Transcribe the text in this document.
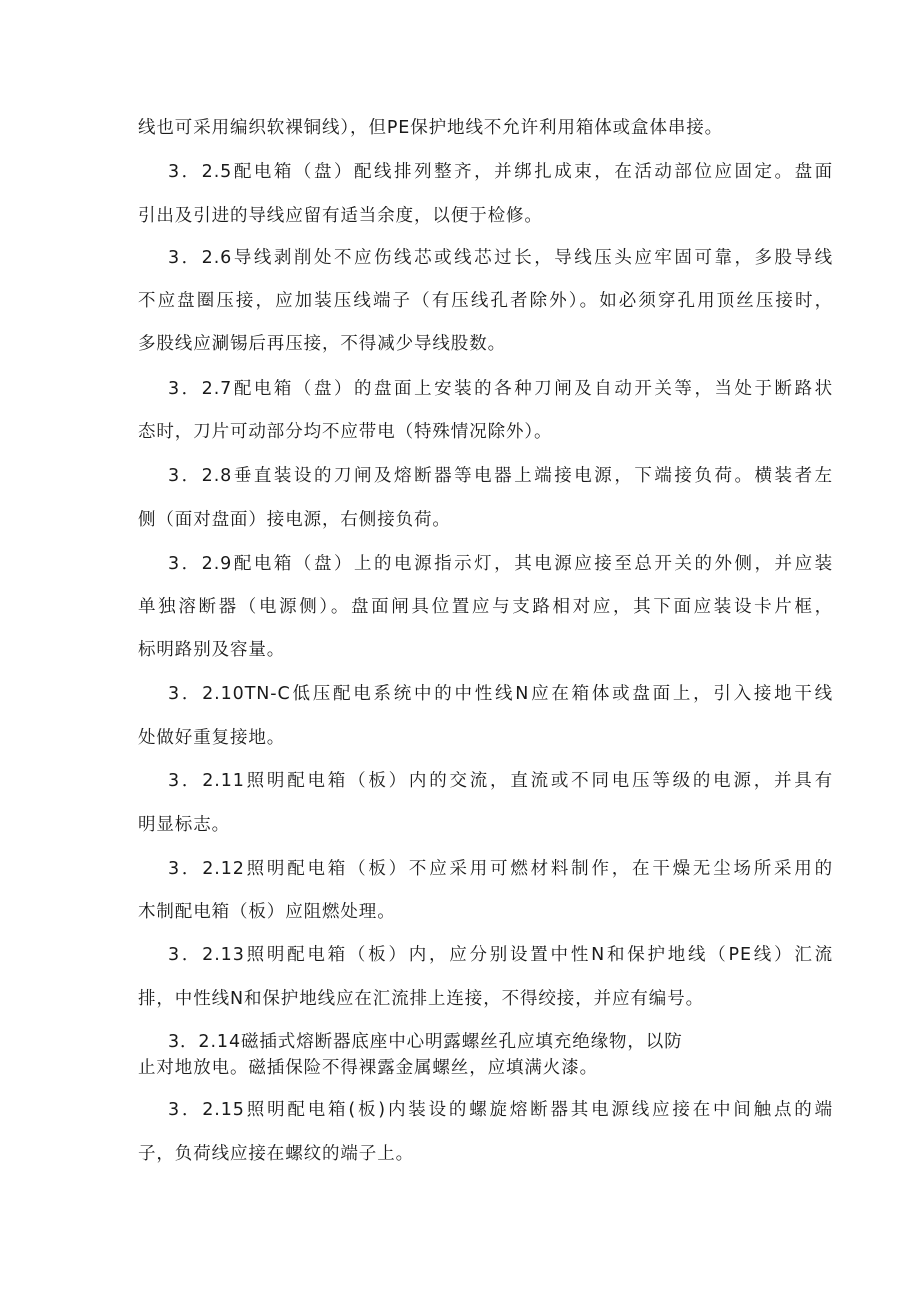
线也可采用编织软裸铜线），但PE保护地线不允许利用箱体或盒体串接。
3．2.5配电箱（盘）配线排列整齐，并绑扎成束，在活动部位应固定。盘面
引出及引进的导线应留有适当余度，以便于检修。
3．2.6导线剥削处不应伤线芯或线芯过长，导线压头应牢固可靠，多股导线
不应盘圈压接，应加装压线端子（有压线孔者除外）。如必须穿孔用顶丝压接时，
多股线应涮锡后再压接，不得减少导线股数。
3．2.7配电箱（盘）的盘面上安装的各种刀闸及自动开关等，当处于断路状
态时，刀片可动部分均不应带电（特殊情况除外）。
3．2.8垂直装设的刀闸及熔断器等电器上端接电源，下端接负荷。横装者左
侧（面对盘面）接电源，右侧接负荷。
3．2.9配电箱（盘）上的电源指示灯，其电源应接至总开关的外侧，并应装
单独溶断器（电源侧）。盘面闸具位置应与支路相对应，其下面应装设卡片框，
标明路别及容量。
3．2.10TN-C低压配电系统中的中性线N应在箱体或盘面上，引入接地干线
处做好重复接地。
3．2.11照明配电箱（板）内的交流，直流或不同电压等级的电源，并具有
明显标志。
3．2.12照明配电箱（板）不应采用可燃材料制作，在干燥无尘场所采用的
木制配电箱（板）应阻燃处理。
3．2.13照明配电箱（板）内，应分别设置中性N和保护地线（PE线）汇流
排，中性线N和保护地线应在汇流排上连接，不得绞接，并应有编号。
3．2.14磁插式熔断器底座中心明露螺丝孔应填充绝缘物，以防
止对地放电。磁插保险不得裸露金属螺丝，应填满火漆。
3．2.15照明配电箱(板)内装设的螺旋熔断器其电源线应接在中间触点的端
子，负荷线应接在螺纹的端子上。
